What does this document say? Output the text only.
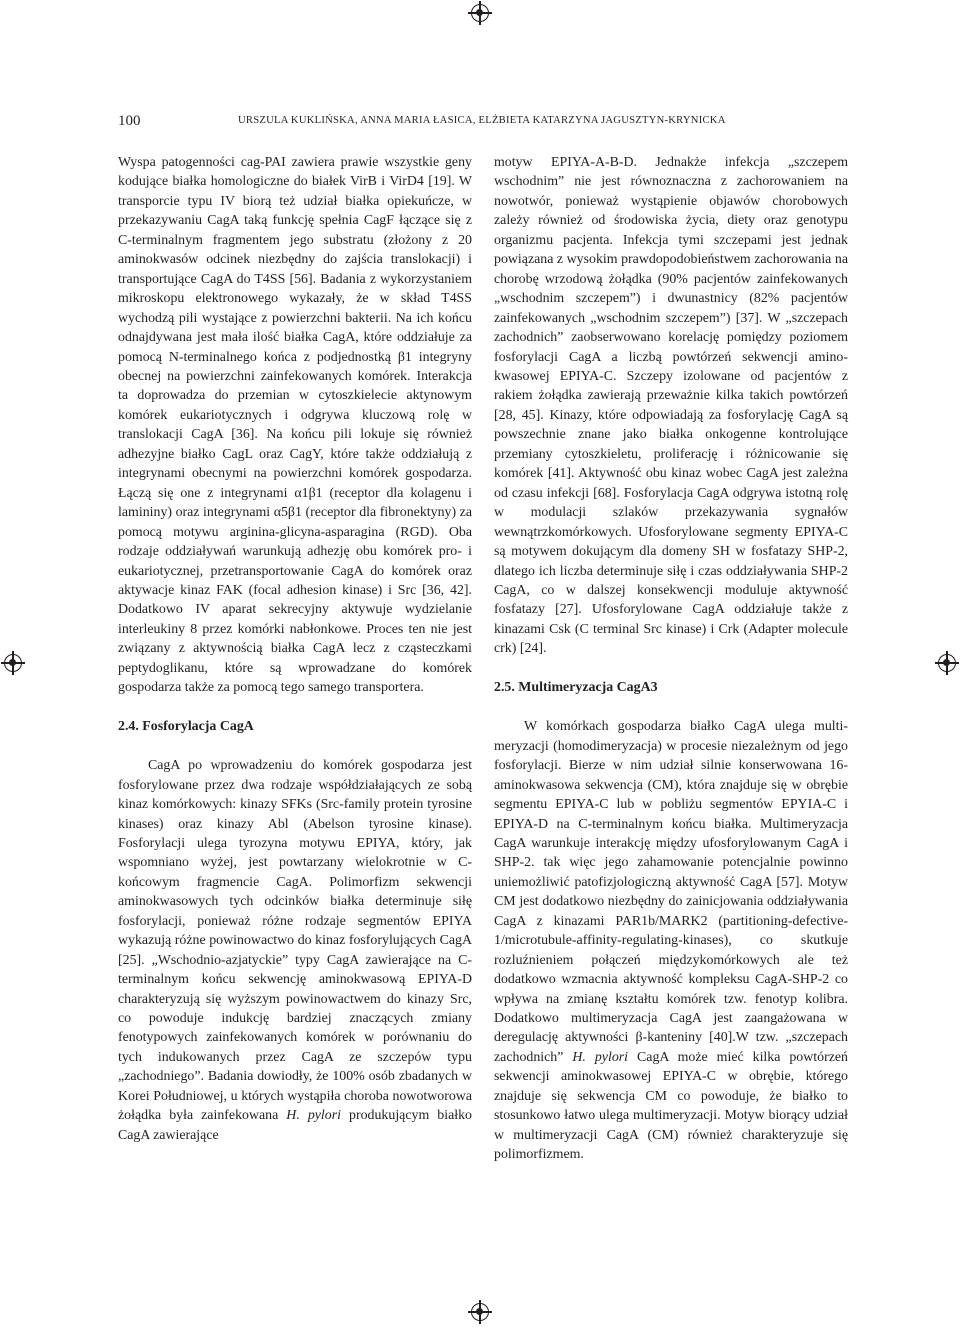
100	URSZULA KUKLIŃSKA, ANNA MARIA ŁASICA, ELŻBIETA KATARZYNA JAGUSZTYN-KRYNICKA

Wyspa patogenności cag-PAI zawiera prawie wszystkie geny kodujące białka homologiczne do białek VirB i VirD4 [19]. W transporcie typu IV biorą też udział białka opiekuńcze, w przekazywaniu CagA taką funkcję spełnia CagF łączące się z C-terminalnym fragmentem jego substratu (złożony z 20 aminokwasów odcinek niezbędny do zajścia translokacji) i transportujące CagA do T4SS [56]. Badania z wykorzystaniem mikroskopu elektronowego wykazały, że w skład T4SS wychodzą pili wystające z powierzchni bakterii. Na ich końcu odnajdywana jest mała ilość białka CagA, które oddziałuje za pomocą N-terminalnego końca z podjednostką β1 integryny obecnej na powierzchni zainfekowanych komórek. Interakcja ta doprowadza do przemian w cytoszkielecie aktynowym komórek eukariotycznych i odgrywa kluczową rolę w translokacji CagA [36]. Na końcu pili lokuje się również adhezyjne białko CagL oraz CagY, które także oddziałują z integrynami obecnymi na powierzchni komórek gospodarza. Łączą się one z integrynami α1β1 (receptor dla kolagenu i lamininy) oraz integrynami α5β1 (receptor dla fibronektyny) za pomocą motywu arginina-glicyna-asparagina (RGD). Oba rodzaje oddziaływań warunkują adhezję obu komórek pro- i eukariotycznej, przetransportowanie CagA do komórek oraz aktywacje kinaz FAK (focal adhesion kinase) i Src [36, 42]. Dodatkowo IV aparat sekrecyjny aktywuje wydzielanie interleukiny 8 przez komórki nabłonkowe. Proces ten nie jest związany z aktywnością białka CagA lecz z cząsteczkami peptydoglikanu, które są wprowadzane do komórek gospodarza także za pomocą tego samego transportera.

2.4. Fosforylacja CagA

CagA po wprowadzeniu do komórek gospodarza jest fosforylowane przez dwa rodzaje współdziałających ze sobą kinaz komórkowych: kinazy SFKs (Src-family protein tyrosine kinases) oraz kinazy Abl (Abelson tyrosine kinase). Fosforylacji ulega tyrozyna motywu EPIYA, który, jak wspomniano wyżej, jest powtarzany wielokrotnie w C-końcowym fragmencie CagA. Polimorfizm sekwencji aminokwasowych tych odcinków białka determinuje siłę fosforylacji, ponieważ różne rodzaje segmentów EPIYA wykazują różne powinowactwo do kinaz fosforylujących CagA [25]. „Wschodnio-azjatyckie” typy CagA zawierające na C-terminalnym końcu sekwencję aminokwasową EPIYA-D charakteryzują się wyższym powinowactwem do kinazy Src, co powoduje indukcję bardziej znaczących zmiany fenotypowych zainfekowanych komórek w porównaniu do tych indukowanych przez CagA ze szczepów typu „zachodniego”. Badania dowiodły, że 100% osób zbadanych w Korei Południowej, u których wystąpiła choroba nowotworowa żołądka była zainfekowana H. pylori produkującym białko CagA zawierające

motyw EPIYA-A-B-D. Jednakże infekcja „szczepem wschodnim” nie jest równoznaczna z zachorowaniem na nowotwór, ponieważ wystąpienie objawów chorobowych zależy również od środowiska życia, diety oraz genotypu organizmu pacjenta. Infekcja tymi szczepami jest jednak powiązana z wysokim prawdopodobieństwem zachorowania na chorobę wrzodową żołądka (90% pacjentów zainfekowanych „wschodnim szczepem”) i dwunastnicy (82% pacjentów zainfekowanych „wschodnim szczepem”) [37]. W „szczepach zachodnich” zaobserwowano korelację pomiędzy poziomem fosforylacji CagA a liczbą powtórzeń sekwencji aminokwasowej EPIYA-C. Szczepy izolowane od pacjentów z rakiem żołądka zawierają przeważnie kilka takich powtórzeń [28, 45]. Kinazy, które odpowiadają za fosforylację CagA są powszechnie znane jako białka onkogenne kontrolujące przemiany cytoszkieletu, proliferację i różnicowanie się komórek [41]. Aktywność obu kinaz wobec CagA jest zależna od czasu infekcji [68]. Fosforylacja CagA odgrywa istotną rolę w modulacji szlaków przekazywania sygnałów wewnątrzkomórkowych. Ufosforylowane segmenty EPIYA-C są motywem dokującym dla domeny SH w fosfatazy SHP-2, dlatego ich liczba determinuje siłę i czas oddziaływania SHP-2 CagA, co w dalszej konsekwencji moduluje aktywność fosfatazy [27]. Ufosforylowane CagA oddziałuje także z kinazami Csk (C terminal Src kinase) i Crk (Adapter molecule crk) [24].

2.5. Multimeryzacja CagA3

W komórkach gospodarza białko CagA ulega multimeryzacji (homodimeryzacja) w procesie niezależnym od jego fosforylacji. Bierze w nim udział silnie konserwowana 16-aminokwasowa sekwencja (CM), która znajduje się w obrębie segmentu EPIYA-C lub w pobliżu segmentów EPYIA-C i EPIYA-D na C-terminalnym końcu białka. Multimeryzacja CagA warunkuje interakcję między ufosforylowanym CagA i SHP-2. tak więc jego zahamowanie potencjalnie powinno uniemożliwić patofizjologiczną aktywność CagA [57]. Motyw CM jest dodatkowo niezbędny do zainicjowania oddziaływania CagA z kinazami PAR1b/MARK2 (partitioning-defective-1/microtubule-affinity-regulating-kinases), co skutkuje rozluźnieniem połączeń międzykomórkowych ale też dodatkowo wzmacnia aktywność kompleksu CagA-SHP-2 co wpływa na zmianę kształtu komórek tzw. fenotyp kolibra. Dodatkowo multimeryzacja CagA jest zaangażowana w deregulację aktywności β-kanteniny [40].W tzw. „szczepach zachodnich” H. pylori CagA może mieć kilka powtórzeń sekwencji aminokwasowej EPIYA-C w obrębie, którego znajduje się sekwencja CM co powoduje, że białko to stosunkowo łatwo ulega multimeryzacji. Motyw biorący udział w multimeryzacji CagA (CM) również charakteryzuje się polimorfizmem.
